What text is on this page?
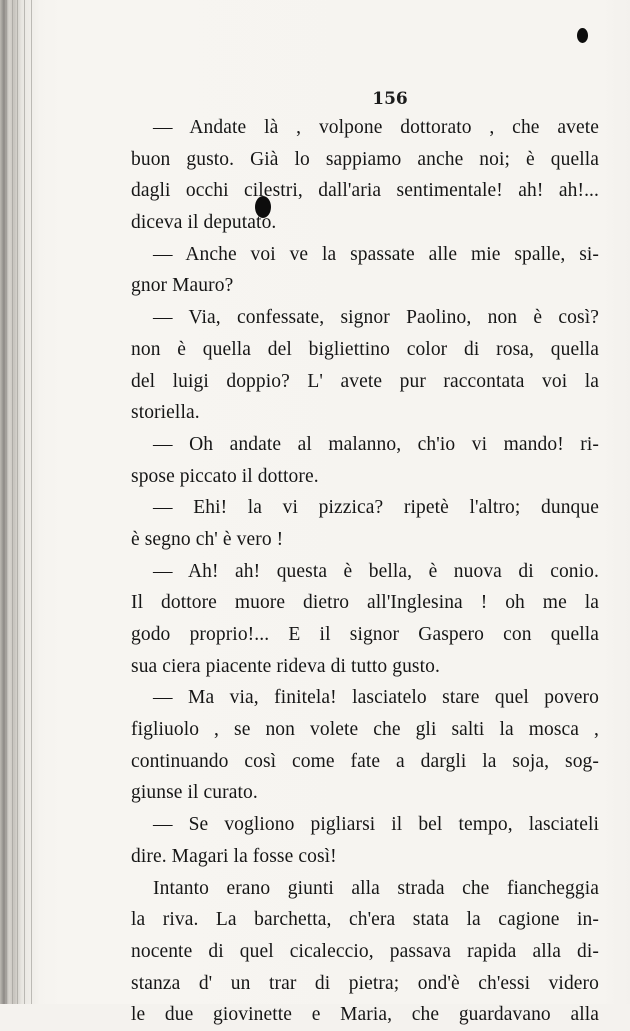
156
— Andate là , volpone dottorato , che avete
buon gusto. Già lo sappiamo anche noi; è quella
dagli occhi cilestri, dall'aria sentimentale! ah! ah!...
diceva il deputato.
— Anche voi ve la spassate alle mie spalle, si-
gnor Mauro?
— Via, confessate, signor Paolino, non è così?
non è quella del bigliettino color di rosa, quella
del luigi doppio? L' avete pur raccontata voi la
storiella.
— Oh andate al malanno, ch'io vi mando! ri-
spose piccato il dottore.
— Ehi! la vi pizzica? ripetè l'altro; dunque
è segno ch' è vero !
— Ah! ah! questa è bella, è nuova di conio.
Il dottore muore dietro all'Inglesina ! oh me la
godo proprio!... E il signor Gaspero con quella
sua ciera piacente rideva di tutto gusto.
— Ma via, finitela! lasciatelo stare quel povero
figliuolo , se non volete che gli salti la mosca ,
continuando così come fate a dargli la soja, sog-
giunse il curato.
— Se vogliono pigliarsi il bel tempo, lasciateli
dire. Magari la fosse così!
Intanto erano giunti alla strada che fiancheggia
la riva. La barchetta, ch'era stata la cagione in-
nocente di quel cicaleccio, passava rapida alla di-
stanza d' un trar di pietra; ond'è ch'essi videro
le due giovinette e Maria, che guardavano alla
